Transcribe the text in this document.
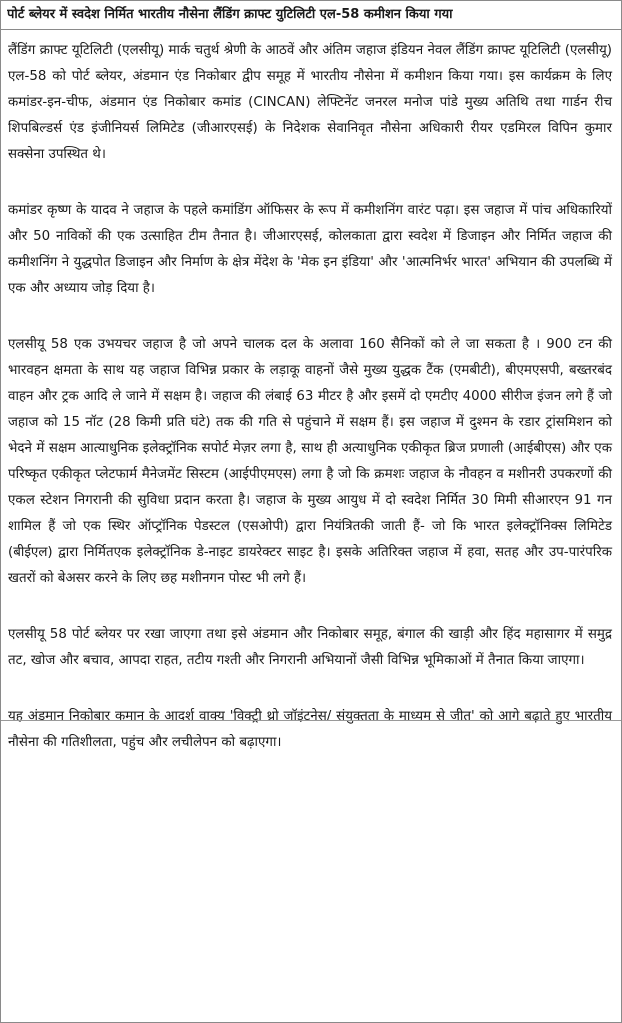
पोर्ट ब्लेयर में स्वदेश निर्मित भारतीय नौसेना लैंडिंग क्राफ्ट युटिलिटी एल-58 कमीशन किया गया

लैंडिंग क्राफ्ट यूटिलिटी (एलसीयू) मार्क चतुर्थ श्रेणी के आठवें और अंतिम जहाज इंडियन नेवल लैंडिंग क्राफ्ट यूटिलिटी (एलसीयू) एल-58 को पोर्ट ब्लेयर, अंडमान एंड निकोबार द्वीप समूह में भारतीय नौसेना में कमीशन किया गया। इस कार्यक्रम के लिए कमांडर-इन-चीफ, अंडमान एंड निकोबार कमांड (CINCAN) लेफ्टिनेंट जनरल मनोज पांडे मुख्य अतिथि तथा गार्डन रीच शिपबिल्डर्स एंड इंजीनियर्स लिमिटेड (जीआरएसई) के निदेशक सेवानिवृत नौसेना अधिकारी रीयर एडमिरल विपिन कुमार सक्सेना उपस्थित थे।

कमांडर कृष्ण के यादव ने जहाज के पहले कमांडिंग ऑफिसर के रूप में कमीशनिंग वारंट पढ़ा। इस जहाज में पांच अधिकारियों और 50 नाविकों की एक उत्साहित टीम तैनात है। जीआरएसई, कोलकाता द्वारा स्वदेश में डिजाइन और निर्मित जहाज की कमीशनिंग ने युद्धपोत डिजाइन और निर्माण के क्षेत्र मेंदेश के 'मेक इन इंडिया' और 'आत्मनिर्भर भारत' अभियान की उपलब्धि में एक और अध्याय जोड़ दिया है।

एलसीयू 58 एक उभयचर जहाज है जो अपने चालक दल के अलावा 160 सैनिकों को ले जा सकता है । 900 टन की भारवहन क्षमता के साथ यह जहाज विभिन्न प्रकार के लड़ाकू वाहनों जैसे मुख्य युद्धक टैंक (एमबीटी), बीएमएसपी, बख्तरबंद वाहन और ट्रक आदि ले जाने में सक्षम है। जहाज की लंबाई 63 मीटर है और इसमें दो एमटीए 4000 सीरीज इंजन लगे हैं जो जहाज को 15 नॉट (28 किमी प्रति घंटे) तक की गति से पहुंचाने में सक्षम हैं। इस जहाज में दुश्मन के रडार ट्रांसमिशन को भेदने में सक्षम आत्याधुनिक इलेक्ट्रॉनिक सपोर्ट मेज़र लगा है, साथ ही अत्याधुनिक एकीकृत ब्रिज प्रणाली (आईबीएस) और एक परिष्कृत एकीकृत प्लेटफार्म मैनेजमेंट सिस्टम (आईपीएमएस) लगा है जो कि क्रमशः जहाज के नौवहन व मशीनरी उपकरणों की एकल स्टेशन निगरानी की सुविधा प्रदान करता है। जहाज के मुख्य आयुध में दो स्वदेश निर्मित 30 मिमी सीआरएन 91 गन शामिल हैं जो एक स्थिर ऑप्ट्रॉनिक पेडस्टल (एसओपी) द्वारा नियंत्रितकी जाती हैं- जो कि भारत इलेक्ट्रॉनिक्स लिमिटेड (बीईएल) द्वारा निर्मितएक इलेक्ट्रॉनिक डे-नाइट डायरेक्टर साइट है। इसके अतिरिक्त जहाज में हवा, सतह और उप-पारंपरिक खतरों को बेअसर करने के लिए छह मशीनगन पोस्ट भी लगे हैं।

एलसीयू 58 पोर्ट ब्लेयर पर रखा जाएगा तथा इसे अंडमान और निकोबार समूह, बंगाल की खाड़ी और हिंद महासागर में समुद्र तट, खोज और बचाव, आपदा राहत, तटीय गश्ती और निगरानी अभियानों जैसी विभिन्न भूमिकाओं में तैनात किया जाएगा।

यह अंडमान निकोबार कमान के आदर्श वाक्य 'विक्ट्री थ्रो जॉइंटनेस/ संयुक्तता के माध्यम से जीत' को आगे बढ़ाते हुए भारतीय नौसेना की गतिशीलता, पहुंच और लचीलेपन को बढ़ाएगा।
